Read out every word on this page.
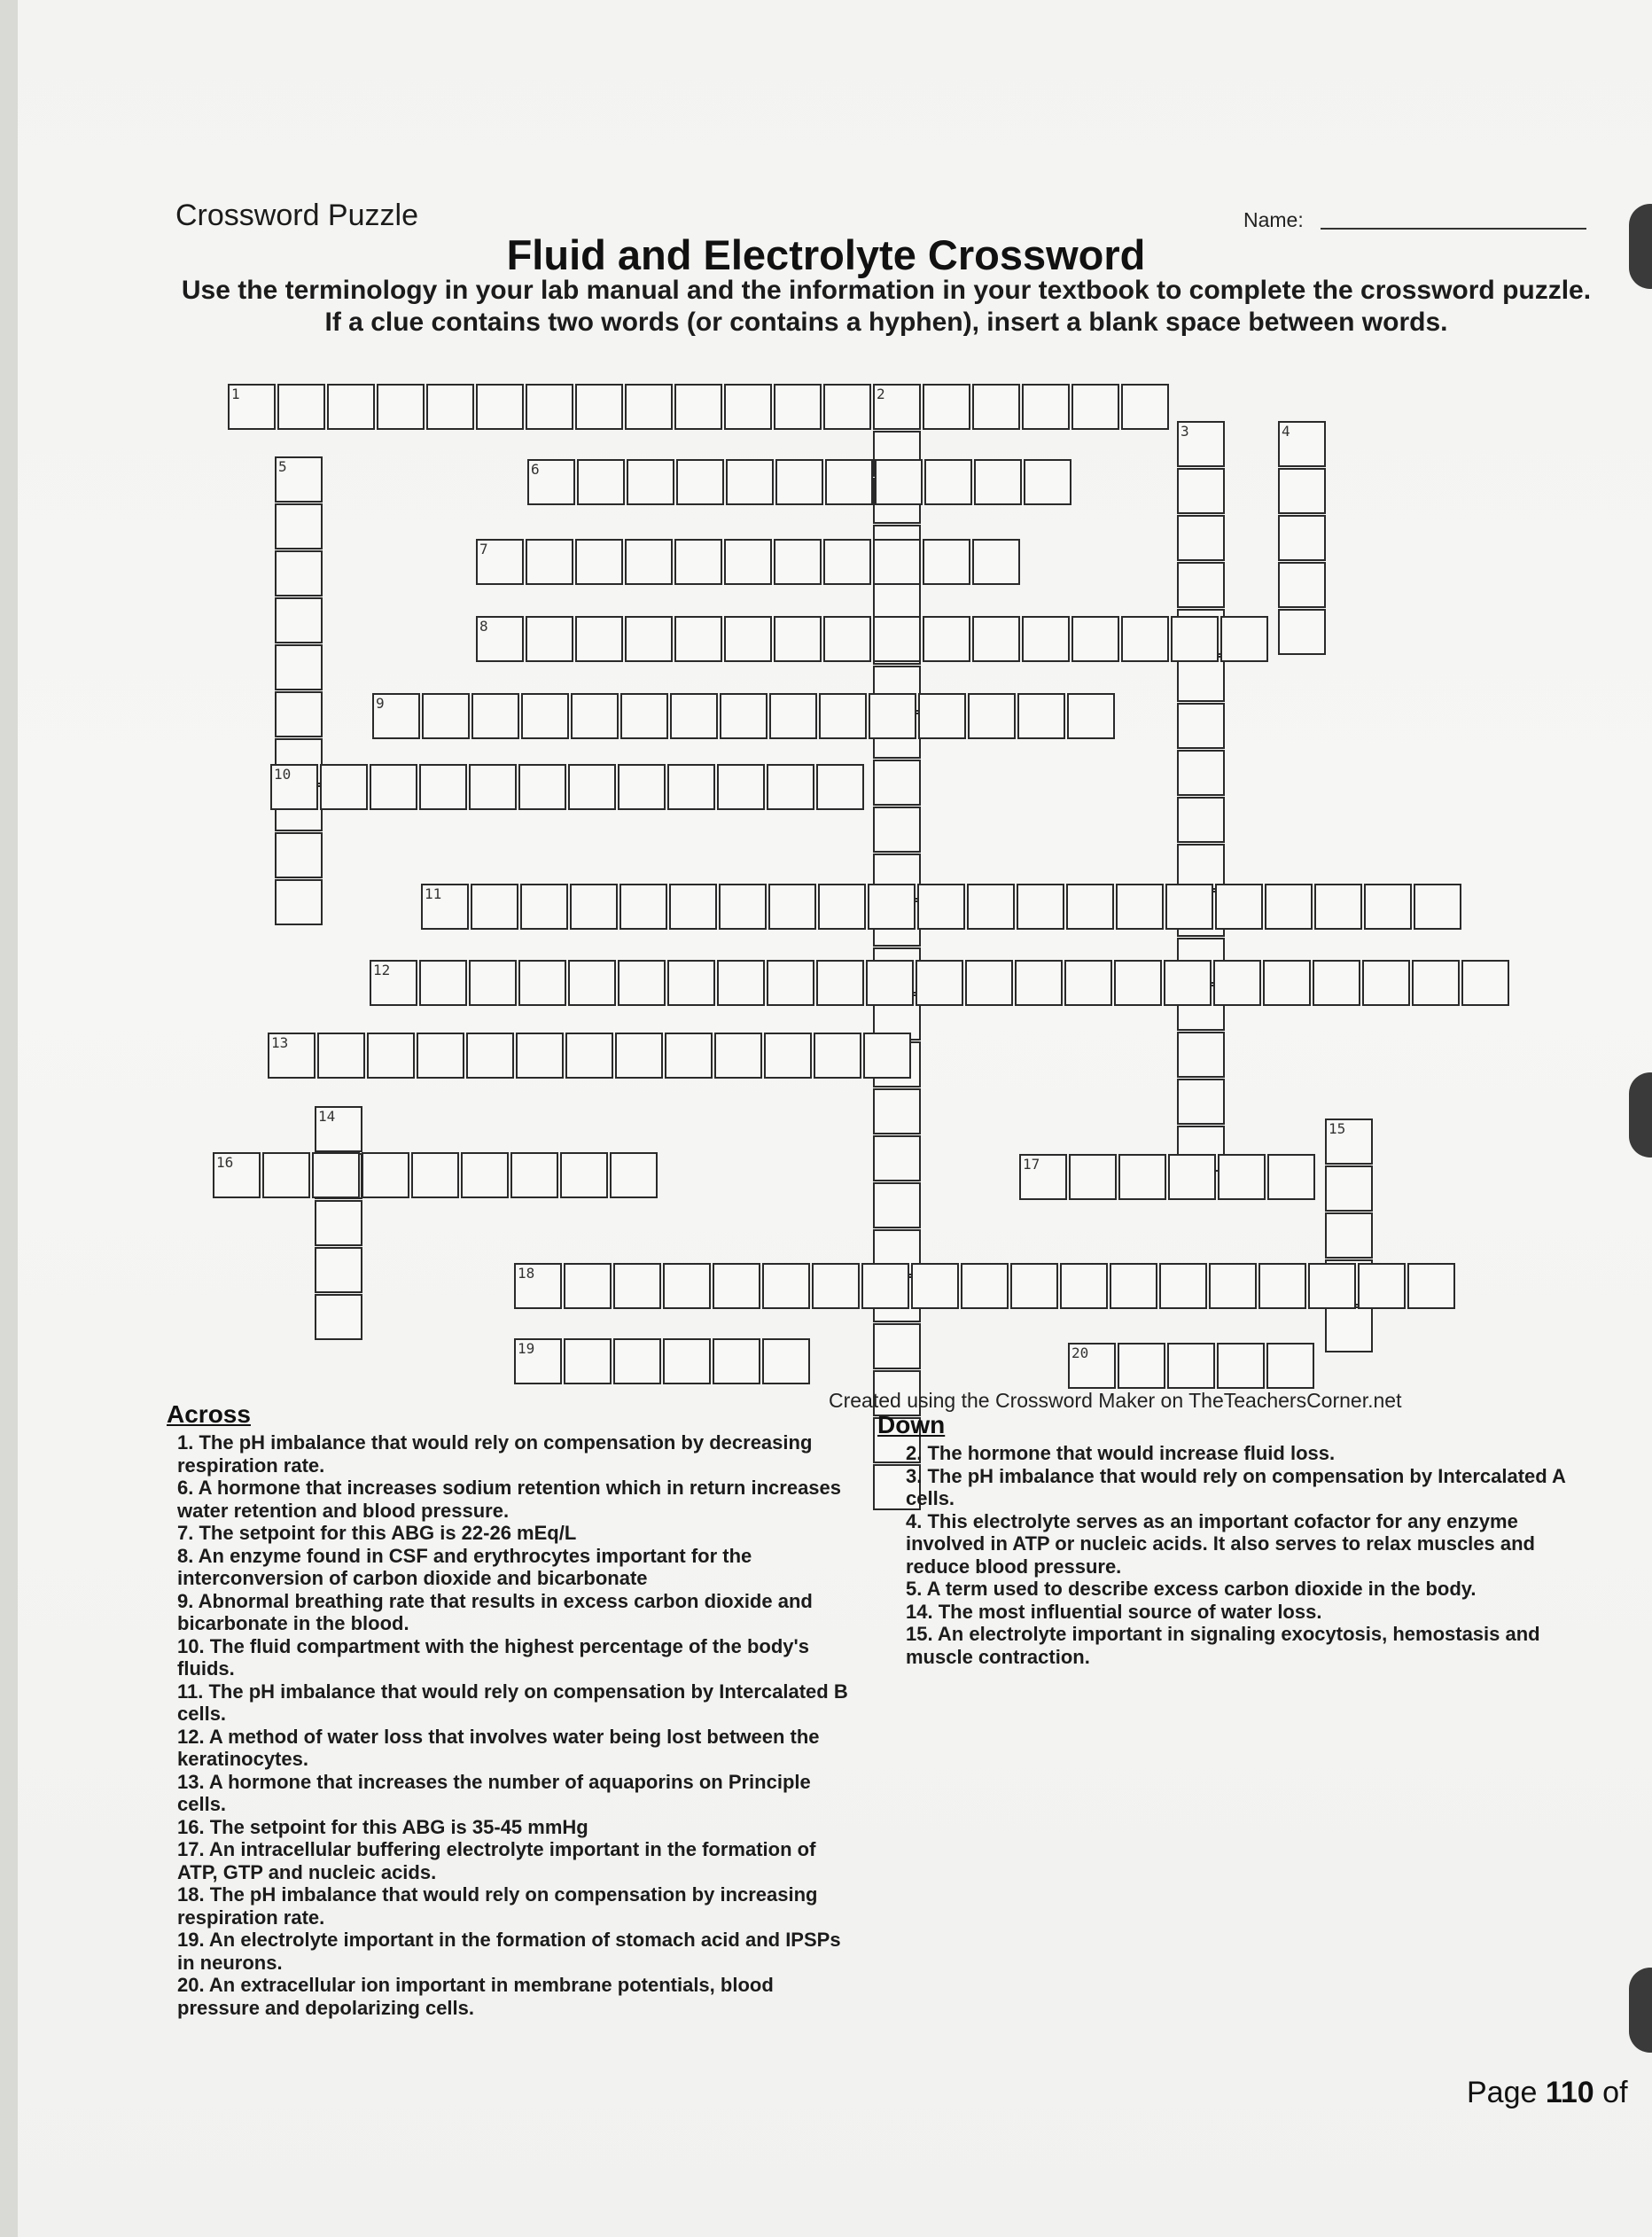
Crossword Puzzle	Name:
Fluid and Electrolyte Crossword
Use the terminology in your lab manual and the information in your textbook to complete the crossword puzzle. If a clue contains two words (or contains a hyphen), insert a blank space between words.
1	2
3	4
5	6
7
8
9
10
11
12
13
14
15
16	17
18
19	20
Created using the Crossword Maker on TheTeachersCorner.net
Across

1. The pH imbalance that would rely on compensation by decreasing respiration rate.

6. A hormone that increases sodium retention which in return increases water retention and blood pressure.

7. The setpoint for this ABG is 22-26 mEq/L

8. An enzyme found in CSF and erythrocytes important for the interconversion of carbon dioxide and bicarbonate

9. Abnormal breathing rate that results in excess carbon dioxide and bicarbonate in the blood.

10. The fluid compartment with the highest percentage of the body's fluids.

11. The pH imbalance that would rely on compensation by Intercalated B cells.

12. A method of water loss that involves water being lost between the keratinocytes.

13. A hormone that increases the number of aquaporins on Principle cells.

16. The setpoint for this ABG is 35-45 mmHg

17. An intracellular buffering electrolyte important in the formation of ATP, GTP and nucleic acids.

18. The pH imbalance that would rely on compensation by increasing respiration rate.

19. An electrolyte important in the formation of stomach acid and IPSPs in neurons.

20. An extracellular ion important in membrane potentials, blood pressure and depolarizing cells.

Down

2. The hormone that would increase fluid loss.

3. The pH imbalance that would rely on compensation by Intercalated A cells.

4. This electrolyte serves as an important cofactor for any enzyme involved in ATP or nucleic acids. It also serves to relax muscles and reduce blood pressure.

5. A term used to describe excess carbon dioxide in the body.

14. The most influential source of water loss.

15. An electrolyte important in signaling exocytosis, hemostasis and muscle contraction.

Page 110 of
